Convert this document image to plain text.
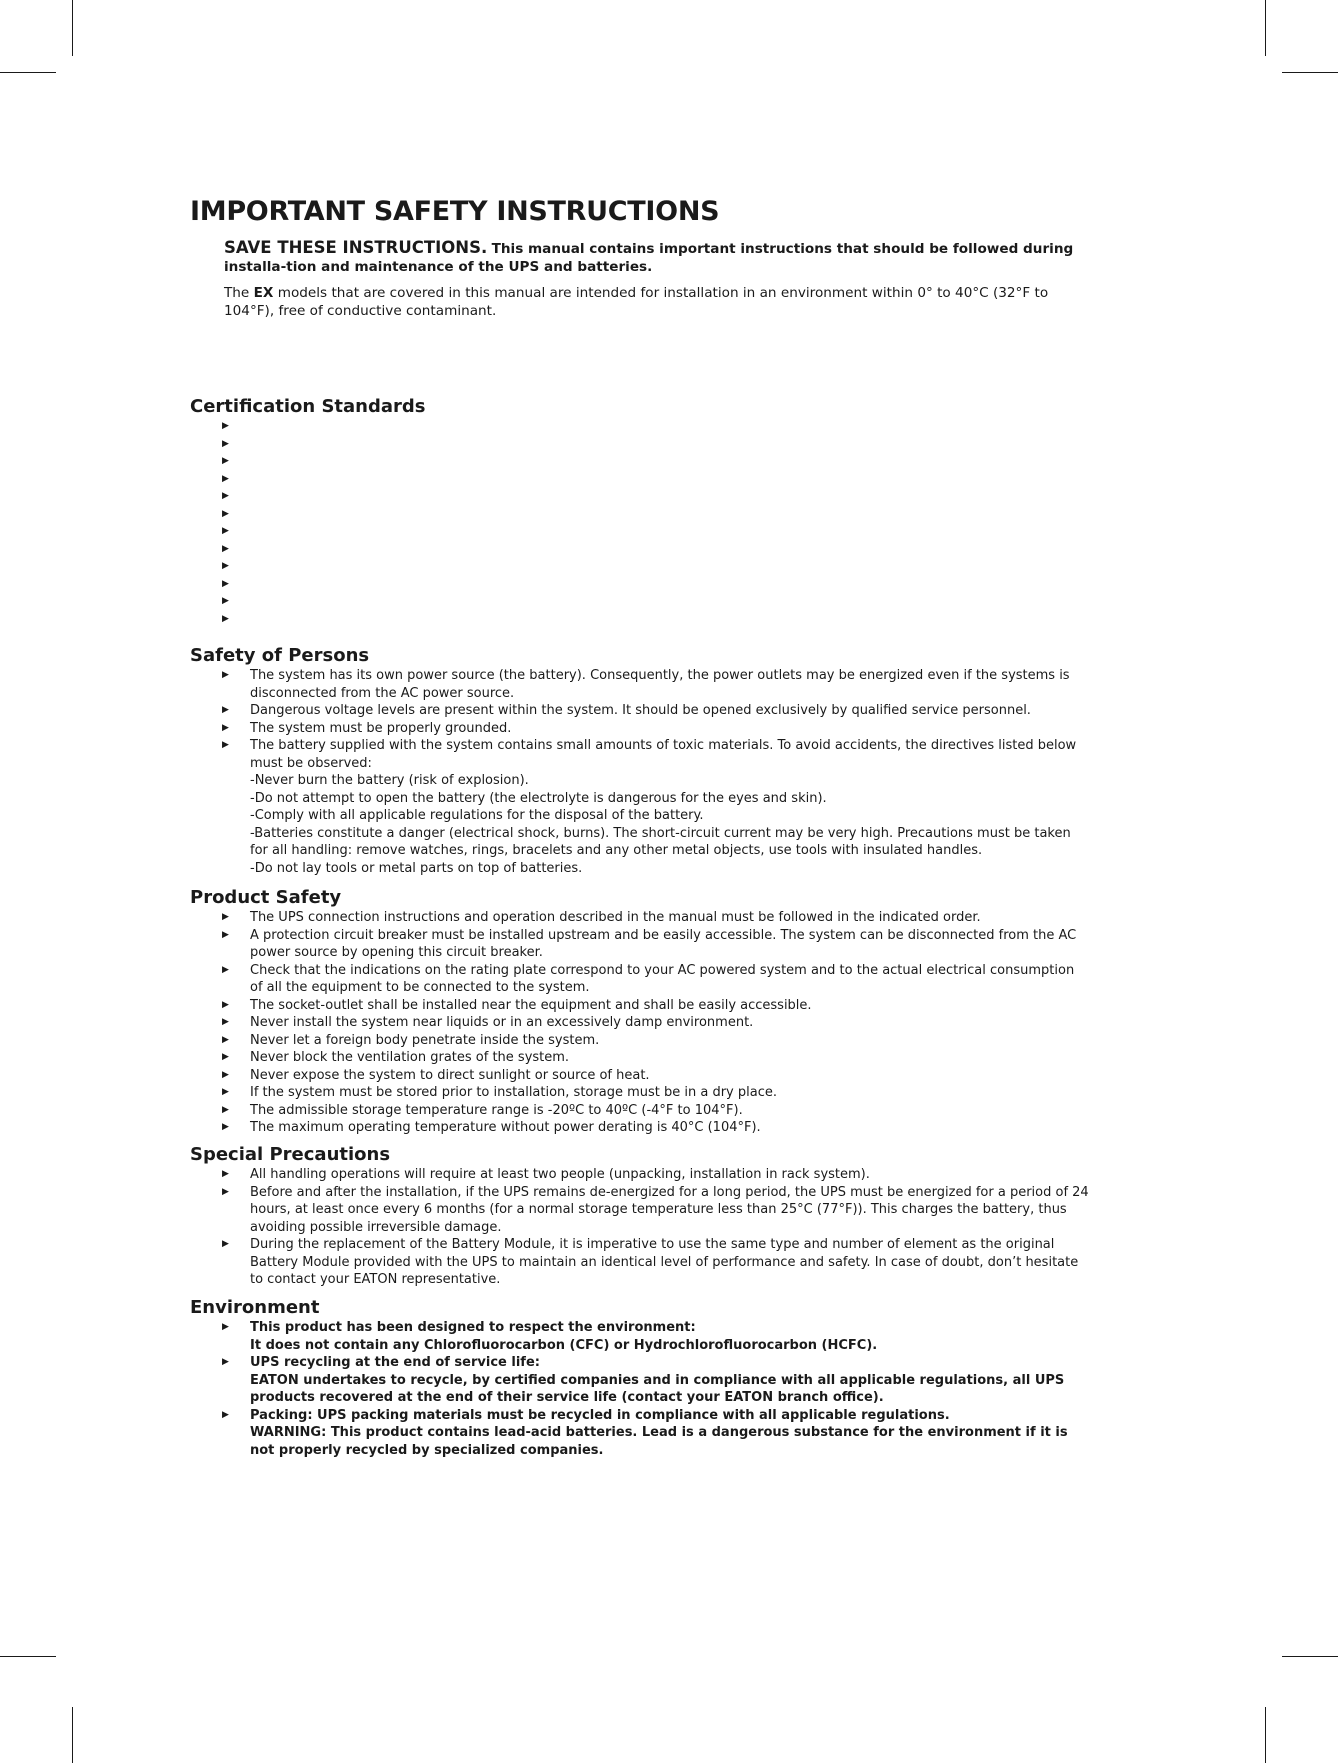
IMPORTANT SAFETY INSTRUCTIONS

SAVE THESE INSTRUCTIONS. This manual contains important instructions that should be followed during installa-tion and maintenance of the UPS and batteries.

The EX models that are covered in this manual are intended for installation in an environment within 0° to 40°C (32°F to 104°F), free of conductive contaminant.

Certification Standards
▶
▶
▶
▶
▶
▶
▶
▶
▶
▶
▶
▶
Safety of Persons
▶ The system has its own power source (the battery). Consequently, the power outlets may be energized even if the systems is disconnected from the AC power source.
▶ Dangerous voltage levels are present within the system. It should be opened exclusively by qualified service personnel.
▶ The system must be properly grounded.
▶ The battery supplied with the system contains small amounts of toxic materials. To avoid accidents, the directives listed below must be observed:
-Never burn the battery (risk of explosion).
-Do not attempt to open the battery (the electrolyte is dangerous for the eyes and skin).
-Comply with all applicable regulations for the disposal of the battery.
-Batteries constitute a danger (electrical shock, burns). The short-circuit current may be very high. Precautions must be taken for all handling: remove watches, rings, bracelets and any other metal objects, use tools with insulated handles.
-Do not lay tools or metal parts on top of batteries.
Product Safety
▶ The UPS connection instructions and operation described in the manual must be followed in the indicated order.
▶ A protection circuit breaker must be installed upstream and be easily accessible. The system can be disconnected from the AC power source by opening this circuit breaker.
▶ Check that the indications on the rating plate correspond to your AC powered system and to the actual electrical consumption of all the equipment to be connected to the system.
▶ The socket-outlet shall be installed near the equipment and shall be easily accessible.
▶ Never install the system near liquids or in an excessively damp environment.
▶ Never let a foreign body penetrate inside the system.
▶ Never block the ventilation grates of the system.
▶ Never expose the system to direct sunlight or source of heat.
▶ If the system must be stored prior to installation, storage must be in a dry place.
▶ The admissible storage temperature range is -20ºC to 40ºC (-4°F to 104°F).
▶ The maximum operating temperature without power derating is 40°C (104°F).
Special Precautions
▶ All handling operations will require at least two people (unpacking, installation in rack system).
▶ Before and after the installation, if the UPS remains de-energized for a long period, the UPS must be energized for a period of 24 hours, at least once every 6 months (for a normal storage temperature less than 25°C (77°F)). This charges the battery, thus avoiding possible irreversible damage.
▶ During the replacement of the Battery Module, it is imperative to use the same type and number of element as the original Battery Module provided with the UPS to maintain an identical level of performance and safety. In case of doubt, don’t hesitate to contact your EATON representative.
Environment
▶ This product has been designed to respect the environment:
It does not contain any Chlorofluorocarbon (CFC) or Hydrochlorofluorocarbon (HCFC).
▶ UPS recycling at the end of service life:
EATON undertakes to recycle, by certified companies and in compliance with all applicable regulations, all UPS products recovered at the end of their service life (contact your EATON branch office).
▶ Packing: UPS packing materials must be recycled in compliance with all applicable regulations.
WARNING: This product contains lead-acid batteries. Lead is a dangerous substance for the environment if it is not properly recycled by specialized companies.
